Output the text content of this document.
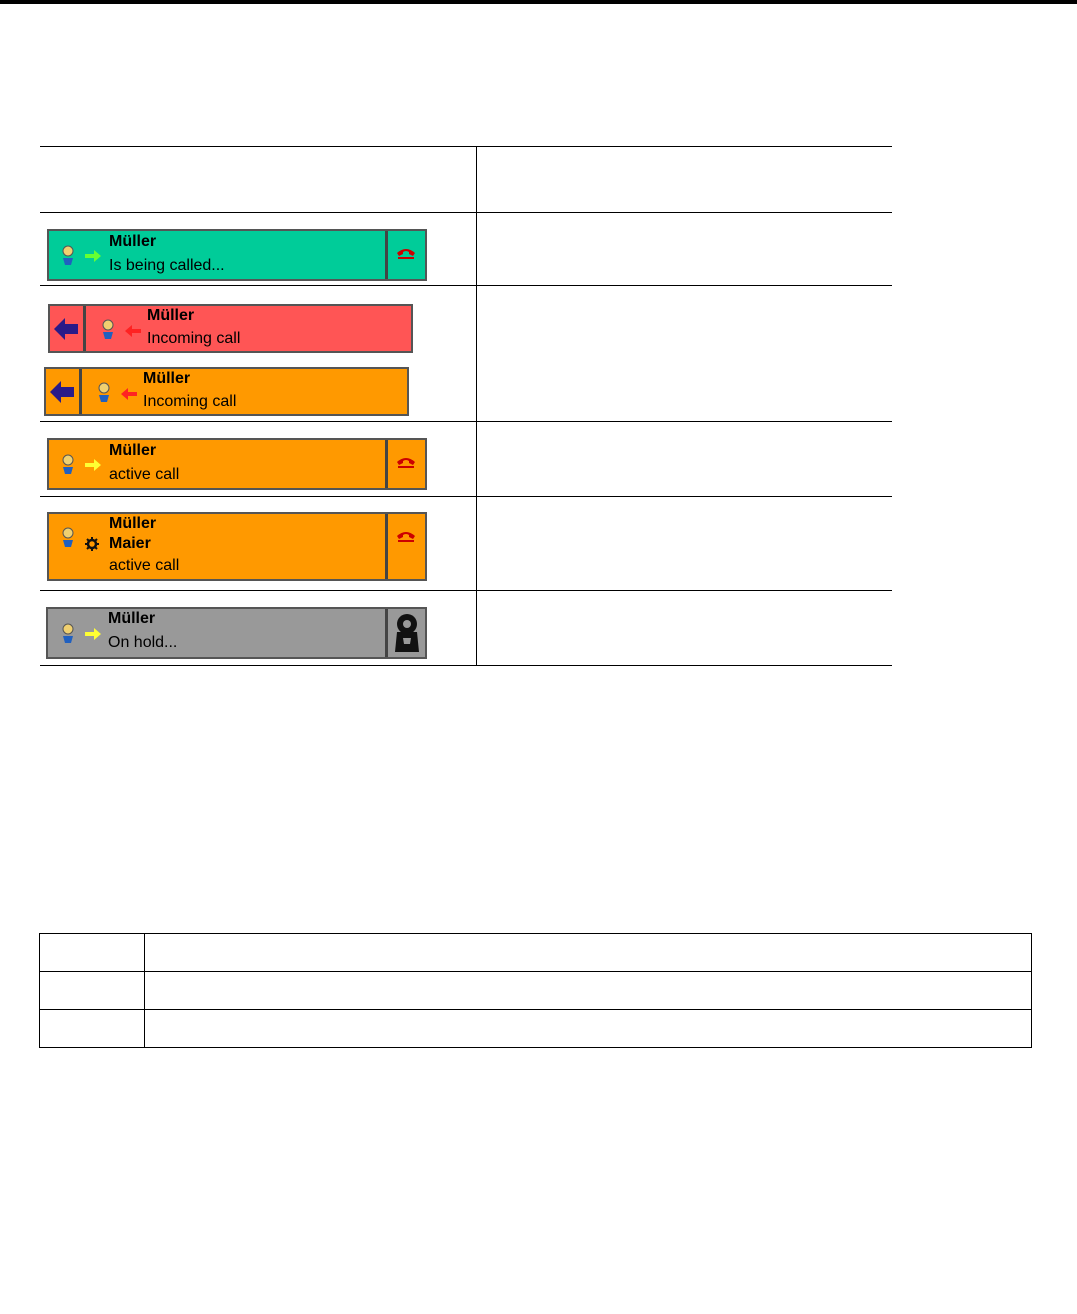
Müller
Is being called...
Müller
Incoming call
Müller
Incoming call
Müller
active call
Müller
Maier
active call
Müller
On hold...
